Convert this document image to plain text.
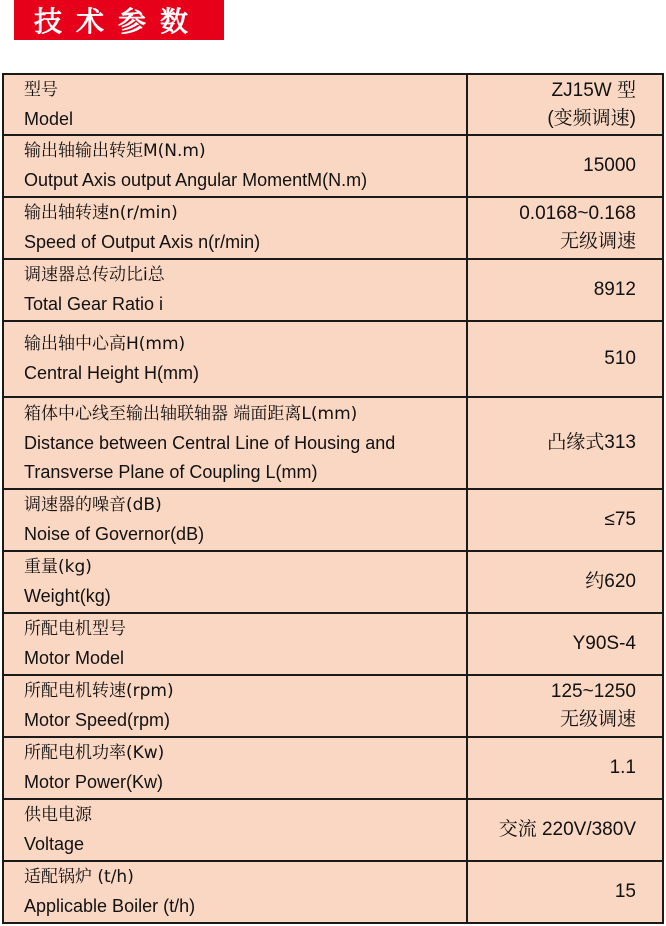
技术参数
型号
Model	ZJ15W 型
(变频调速)

输出轴输出转矩M(N.m)
Output Axis output Angular MomentM(N.m)	15000

输出轴转速n(r/min)
Speed of Output Axis n(r/min)	0.0168~0.168
无级调速

调速器总传动比i总
Total Gear Ratio i	8912

输出轴中心高H(mm)
Central Height H(mm)	510

箱体中心线至输出轴联轴器 端面距离L(mm)
Distance between Central Line of Housing and
Transverse Plane of Coupling L(mm)	凸缘式313

调速器的噪音(dB)
Noise of Governor(dB)	≤75

重量(kg)
Weight(kg)	约620

所配电机型号
Motor Model	Y90S-4

所配电机转速(rpm)
Motor Speed(rpm)	125~1250
无级调速

所配电机功率(Kw)
Motor Power(Kw)	1.1

供电电源
Voltage	交流 220V/380V

适配锅炉 (t/h)
Applicable Boiler (t/h)	15
